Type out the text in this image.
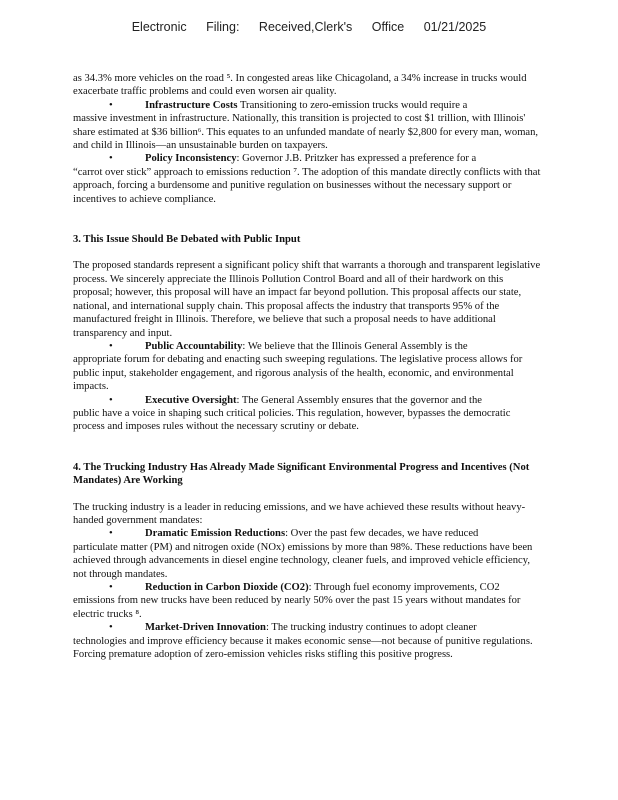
Electronic Filing: Received,Clerk's Office 01/21/2025

as 34.3% more vehicles on the road ⁵. In congested areas like Chicagoland, a 34% increase in trucks would exacerbate traffic problems and could even worsen air quality.

•	Infrastructure Costs Transitioning to zero-emission trucks would require a
massive investment in infrastructure. Nationally, this transition is projected to cost $1 trillion, with Illinois' share estimated at $36 billion⁶. This equates to an unfunded mandate of nearly $2,800 for every man, woman, and child in Illinois—an unsustainable burden on taxpayers.
•	Policy Inconsistency: Governor J.B. Pritzker has expressed a preference for a
“carrot over stick” approach to emissions reduction ⁷. The adoption of this mandate directly conflicts with that approach, forcing a burdensome and punitive regulation on businesses without the necessary support or incentives to achieve compliance.
3. This Issue Should Be Debated with Public Input

The proposed standards represent a significant policy shift that warrants a thorough and transparent legislative process. We sincerely appreciate the Illinois Pollution Control Board and all of their hardwork on this proposal; however, this proposal will have an impact far beyond pollution. This proposal affects our state, national, and international supply chain. This proposal affects the industry that transports 95% of the manufactured freight in Illinois. Therefore, we believe that such a proposal needs to have additional transparency and input.

•	Public Accountability: We believe that the Illinois General Assembly is the
appropriate forum for debating and enacting such sweeping regulations. The legislative process allows for public input, stakeholder engagement, and rigorous analysis of the health, economic, and environmental impacts.
•	Executive Oversight: The General Assembly ensures that the governor and the
public have a voice in shaping such critical policies. This regulation, however, bypasses the democratic process and imposes rules without the necessary scrutiny or debate.
4. The Trucking Industry Has Already Made Significant Environmental Progress and Incentives (Not Mandates) Are Working

The trucking industry is a leader in reducing emissions, and we have achieved these results without heavy-handed government mandates:

•	Dramatic Emission Reductions: Over the past few decades, we have reduced
particulate matter (PM) and nitrogen oxide (NOx) emissions by more than 98%. These reductions have been achieved through advancements in diesel engine technology, cleaner fuels, and improved vehicle efficiency, not through mandates.
•	Reduction in Carbon Dioxide (CO2): Through fuel economy improvements, CO2
emissions from new trucks have been reduced by nearly 50% over the past 15 years without mandates for electric trucks ⁸.
•	Market-Driven Innovation: The trucking industry continues to adopt cleaner
technologies and improve efficiency because it makes economic sense—not because of punitive regulations. Forcing premature adoption of zero-emission vehicles risks stifling this positive progress.
